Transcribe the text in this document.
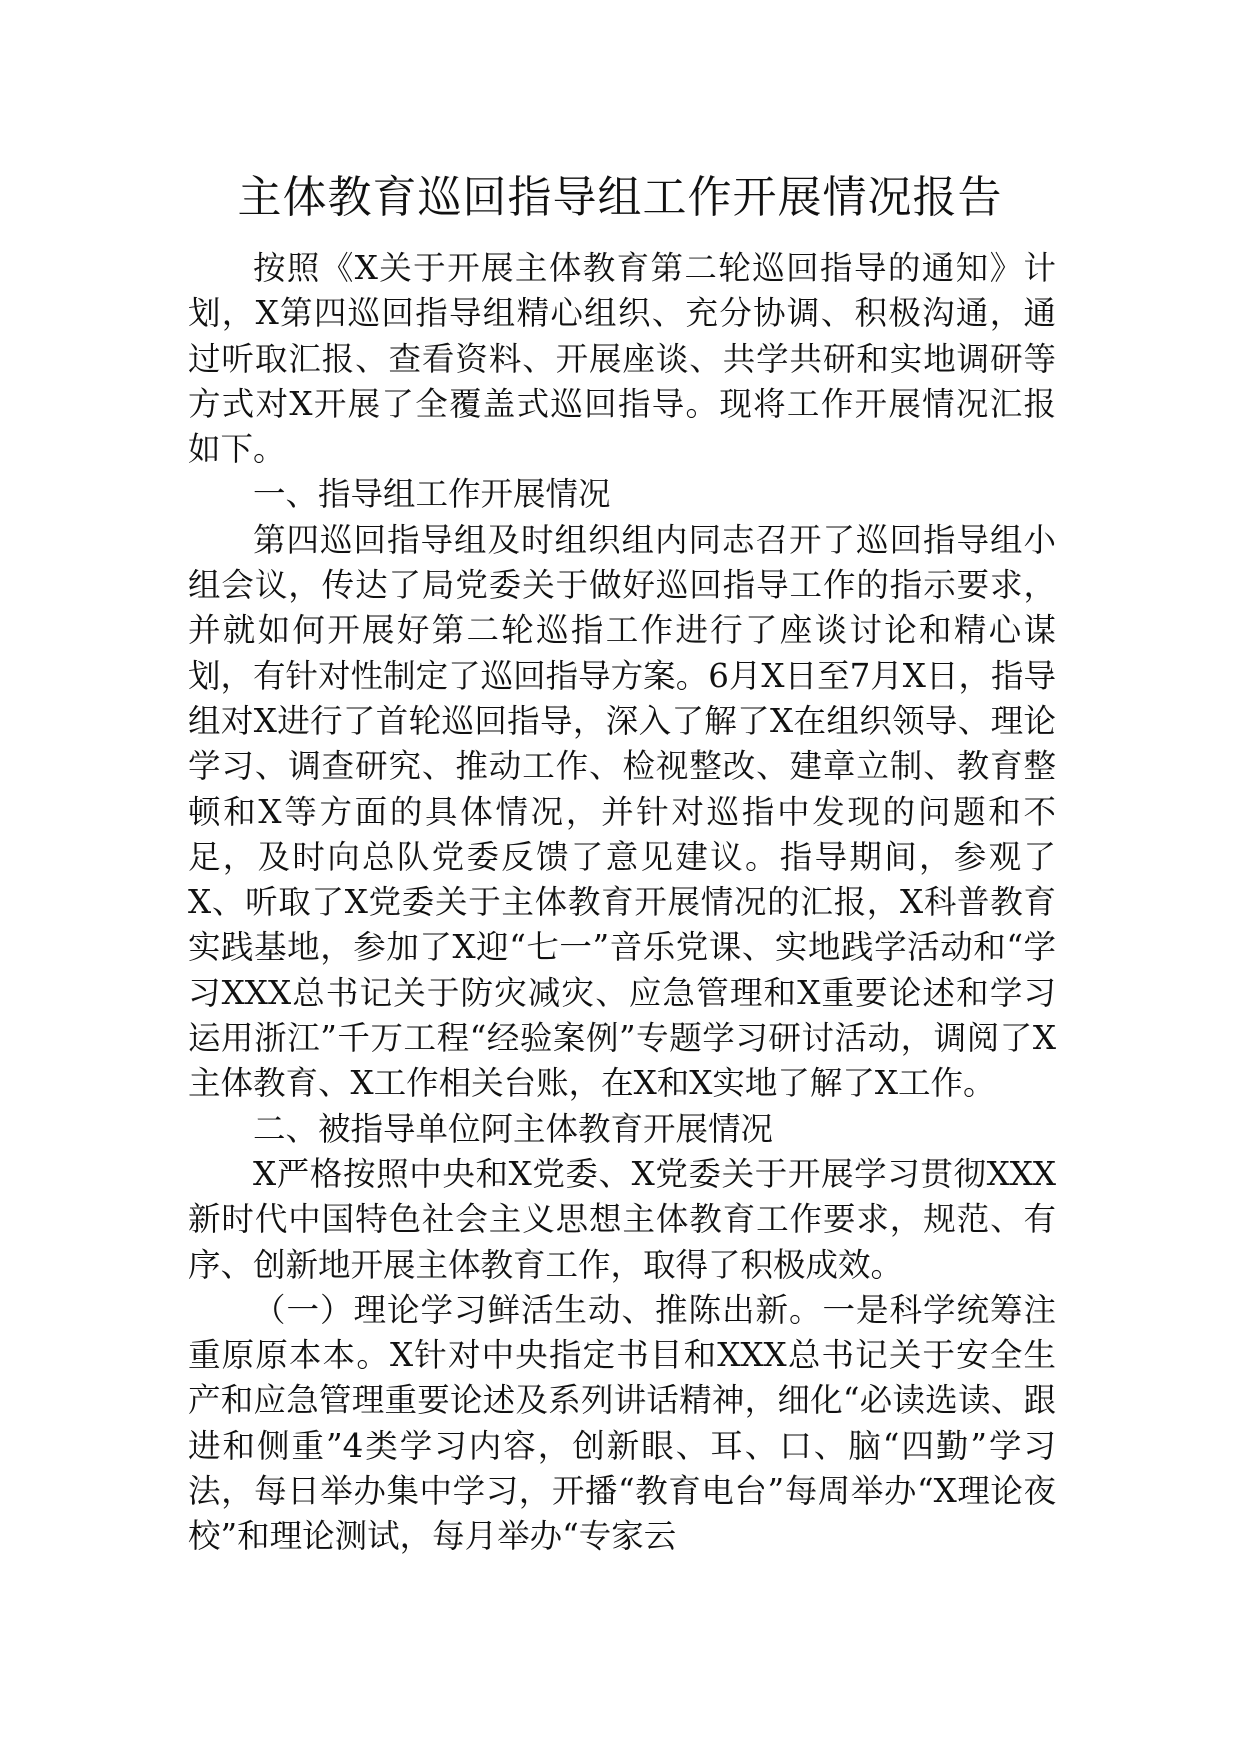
主体教育巡回指导组工作开展情况报告

按照《X关于开展主体教育第二轮巡回指导的通知》计划，X第四巡回指导组精心组织、充分协调、积极沟通，通过听取汇报、查看资料、开展座谈、共学共研和实地调研等方式对X开展了全覆盖式巡回指导。现将工作开展情况汇报如下。

一、指导组工作开展情况

第四巡回指导组及时组织组内同志召开了巡回指导组小组会议，传达了局党委关于做好巡回指导工作的指示要求，并就如何开展好第二轮巡指工作进行了座谈讨论和精心谋划，有针对性制定了巡回指导方案。6月X日至7月X日，指导组对X进行了首轮巡回指导，深入了解了X在组织领导、理论学习、调查研究、推动工作、检视整改、建章立制、教育整顿和X等方面的具体情况，并针对巡指中发现的问题和不足，及时向总队党委反馈了意见建议。指导期间，参观了X、听取了X党委关于主体教育开展情况的汇报，X科普教育实践基地，参加了X迎“七一”音乐党课、实地践学活动和“学习XXX总书记关于防灾减灾、应急管理和X重要论述和学习运用浙江”千万工程“经验案例”专题学习研讨活动，调阅了X主体教育、X工作相关台账，在X和X实地了解了X工作。

二、被指导单位阿主体教育开展情况

X严格按照中央和X党委、X党委关于开展学习贯彻XXX新时代中国特色社会主义思想主体教育工作要求，规范、有序、创新地开展主体教育工作，取得了积极成效。

（一）理论学习鲜活生动、推陈出新。一是科学统筹注重原原本本。X针对中央指定书目和XXX总书记关于安全生产和应急管理重要论述及系列讲话精神，细化“必读选读、跟进和侧重”4类学习内容，创新眼、耳、口、脑“四勤”学习法，每日举办集中学习，开播“教育电台”每周举办“X理论夜校”和理论测试，每月举办“专家云
